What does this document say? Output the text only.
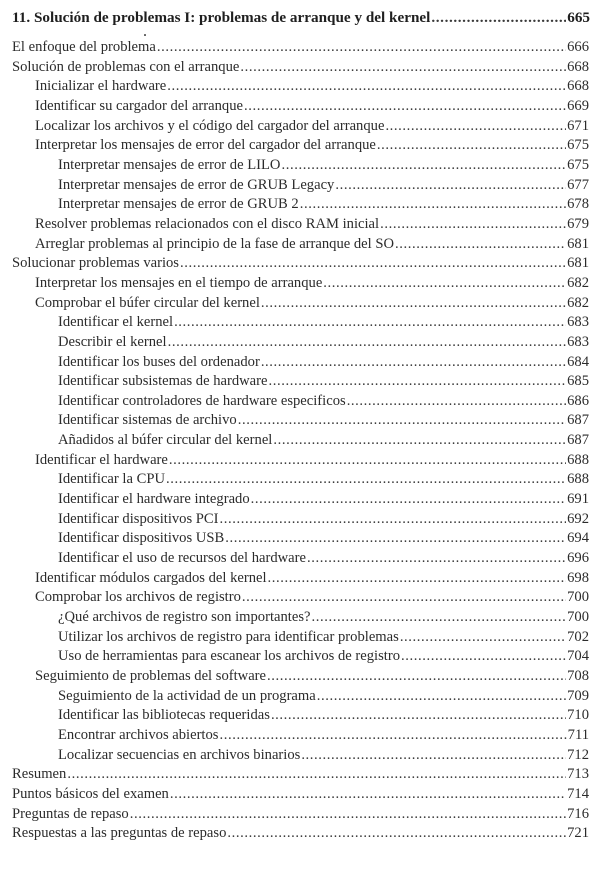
11. Solución de problemas I: problemas de arranque y del kernel .....	665
El enfoque del problema .....	666
Solución de problemas con el arranque .....	668
Inicializar el hardware .....	668
Identificar su cargador del arranque .....	669
Localizar los archivos y el código del cargador del arranque .....	671
Interpretar los mensajes de error del cargador del arranque .....	675
Interpretar mensajes de error de LILO .....	675
Interpretar mensajes de error de GRUB Legacy .....	677
Interpretar mensajes de error de GRUB 2 .....	678
Resolver problemas relacionados con el disco RAM inicial .....	679
Arreglar problemas al principio de la fase de arranque del SO .....	681
Solucionar problemas varios .....	681
Interpretar los mensajes en el tiempo de arranque .....	682
Comprobar el búfer circular del kernel .....	682
Identificar el kernel .....	683
Describir el kernel .....	683
Identificar los buses del ordenador .....	684
Identificar subsistemas de hardware .....	685
Identificar controladores de hardware especificos .....	686
Identificar sistemas de archivo .....	687
Añadidos al búfer circular del kernel .....	687
Identificar el hardware .....	688
Identificar la CPU .....	688
Identificar el hardware integrado .....	691
Identificar dispositivos PCI .....	692
Identificar dispositivos USB .....	694
Identificar el uso de recursos del hardware .....	696
Identificar módulos cargados del kernel .....	698
Comprobar los archivos de registro .....	700
¿Qué archivos de registro son importantes? .....	700
Utilizar los archivos de registro para identificar problemas .....	702
Uso de herramientas para escanear los archivos de registro .....	704
Seguimiento de problemas del software .....	708
Seguimiento de la actividad de un programa .....	709
Identificar las bibliotecas requeridas .....	710
Encontrar archivos abiertos .....	711
Localizar secuencias en archivos binarios .....	712
Resumen .....	713
Puntos básicos del examen .....	714
Preguntas de repaso .....	716
Respuestas a las preguntas de repaso .....	721
